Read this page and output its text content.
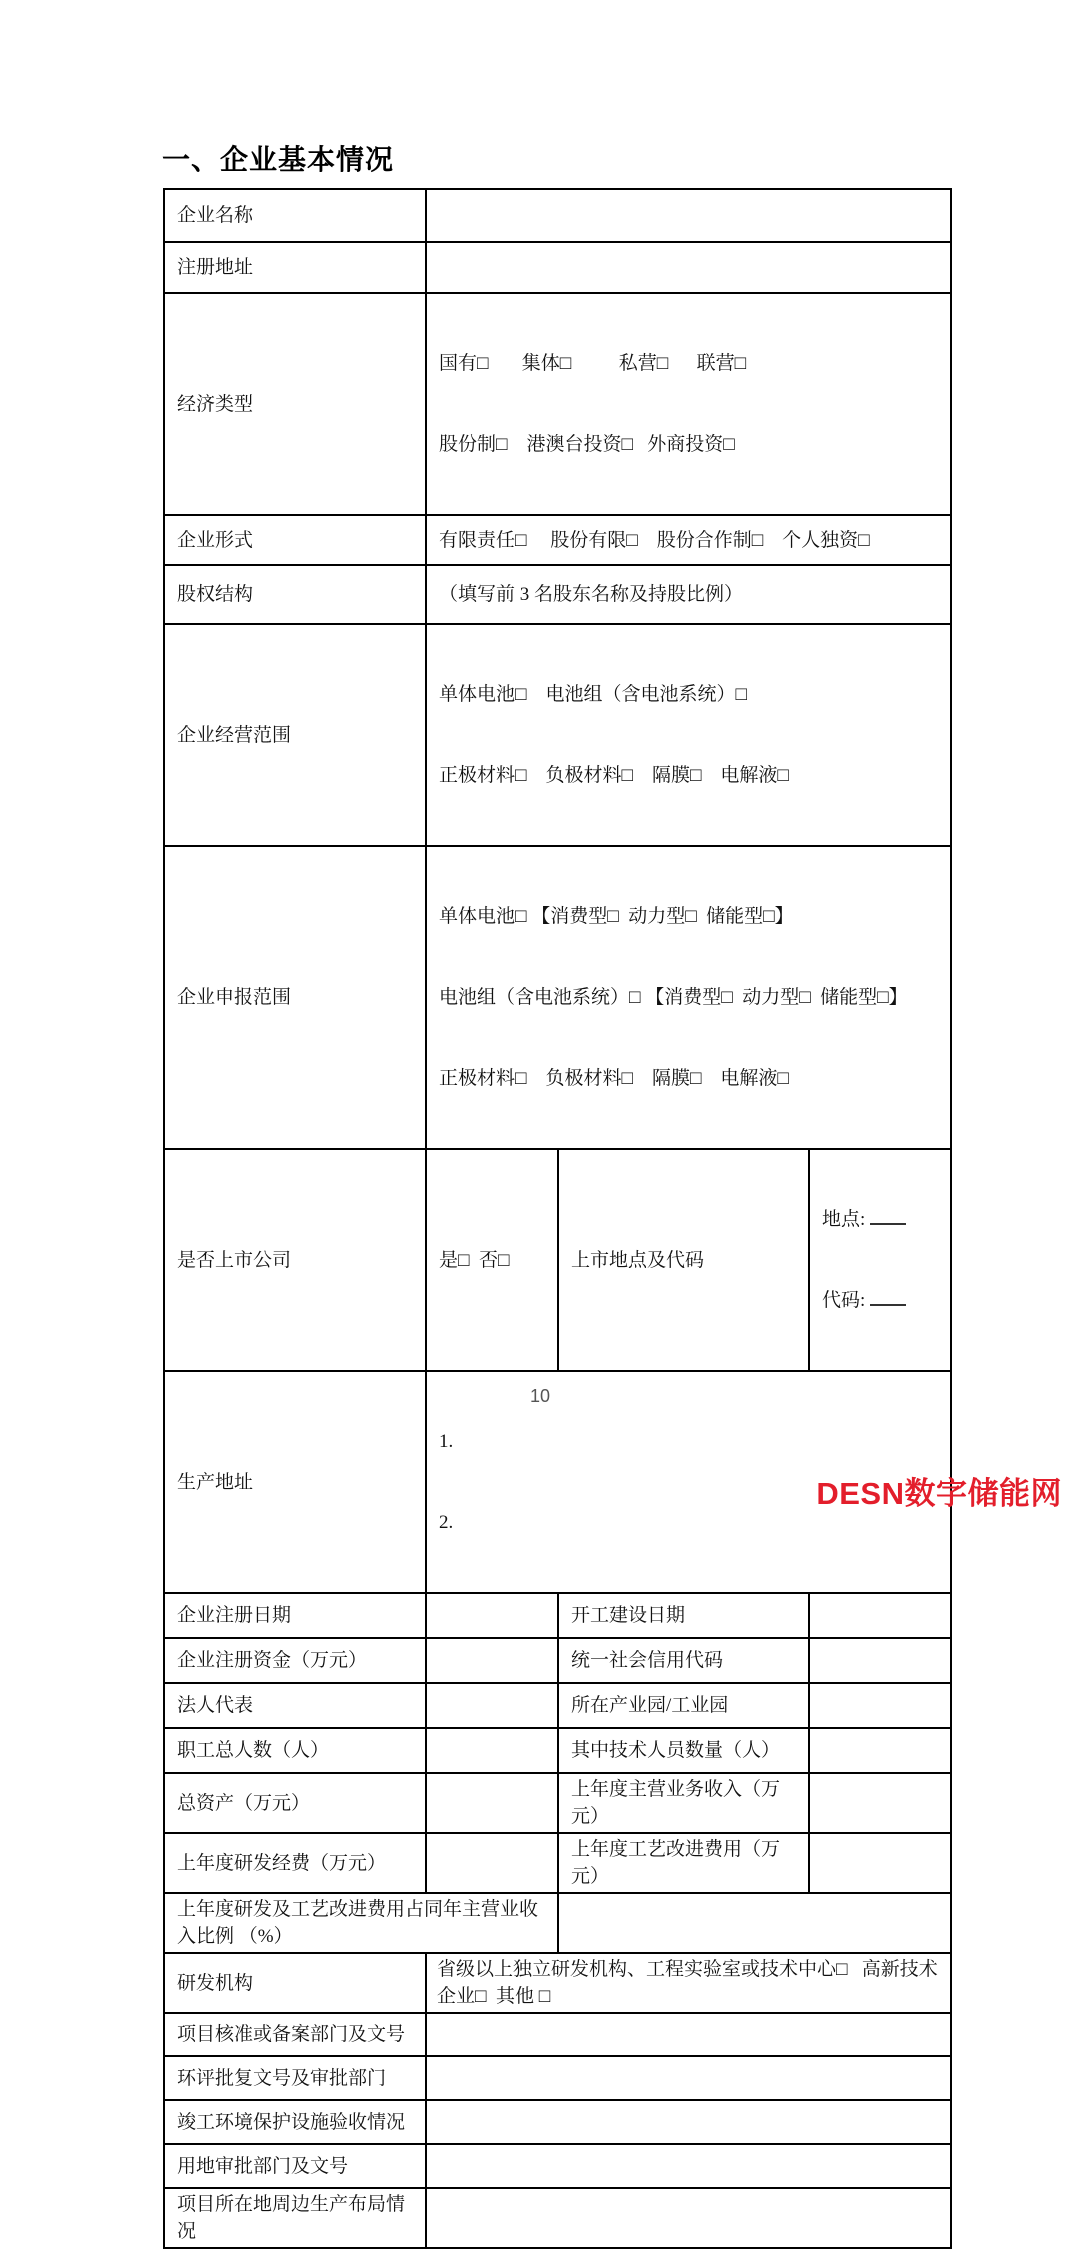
一、企业基本情况
企业名称			
注册地址			
经济类型	国有□       集体□          私营□      联营□

股份制□    港澳台投资□   外商投资□		

企业形式	有限责任□     股份有限□    股份合作制□    个人独资□		
股权结构	（填写前 3 名股东名称及持股比例）		
企业经营范围	单体电池□    电池组（含电池系统）□

正极材料□    负极材料□    隔膜□    电解液□		

企业申报范围	单体电池□ 【消费型□  动力型□  储能型□】

电池组（含电池系统）□ 【消费型□  动力型□  储能型□】

正极材料□    负极材料□    隔膜□    电解液□		

是否上市公司	是□  否□	上市地点及代码	地点:

代码:

生产地址	1.

2.		

企业注册日期		开工建设日期	
企业注册资金（万元）		统一社会信用代码	
法人代表		所在产业园/工业园	
职工总人数（人）		其中技术人员数量（人）	
总资产（万元）		上年度主营业务收入（万元）	
上年度研发经费（万元）		上年度工艺改进费用（万元）	
上年度研发及工艺改进费用占同年主营业收入比例 （%）			
研发机构	省级以上独立研发机构、工程实验室或技术中心□   高新技术企业□  其他 □		
项目核准或备案部门及文号			
环评批复文号及审批部门			
竣工环境保护设施验收情况			
用地审批部门及文号			
项目所在地周边生产布局情况			
10
DESN数字储能网
